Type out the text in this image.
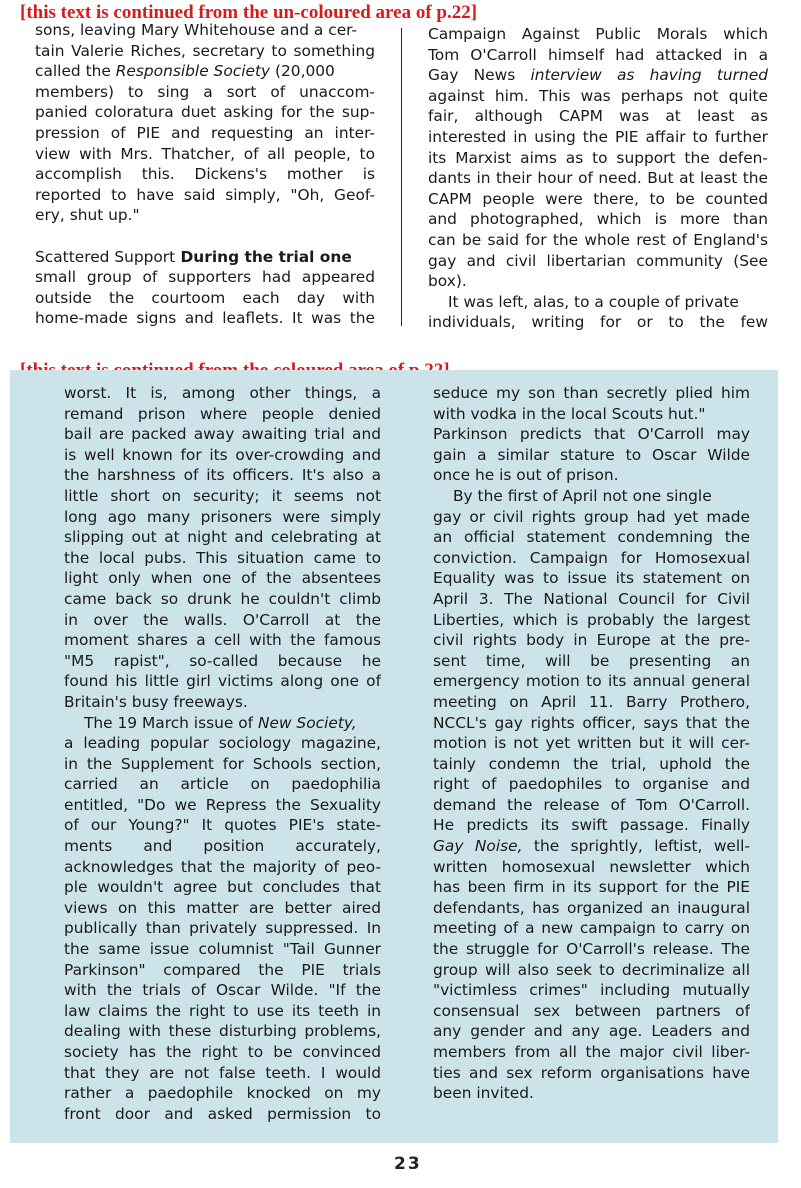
[this text is continued from the un-coloured area of p.22]
sons, leaving Mary Whitehouse and a cer-
tain Valerie Riches, secretary to something
called the Responsible Society (20,000
members) to sing a sort of unaccom-
panied coloratura duet asking for the sup-
pression of PIE and requesting an inter-
view with Mrs. Thatcher, of all people, to
accomplish this. Dickens's mother is
reported to have said simply, "Oh, Geof-
ery, shut up."
Scattered Support During the trial one
small group of supporters had appeared
outside the courtoom each day with
home-made signs and leaflets. It was the
Campaign Against Public Morals which
Tom O'Carroll himself had attacked in a
Gay News interview as having turned
against him. This was perhaps not quite
fair, although CAPM was at least as
interested in using the PIE affair to further
its Marxist aims as to support the defen-
dants in their hour of need. But at least the
CAPM people were there, to be counted
and photographed, which is more than
can be said for the whole rest of England's
gay and civil libertarian community (See
box).
It was left, alas, to a couple of private
individuals, writing for or to the few
worst. It is, among other things, a
remand prison where people denied
bail are packed away awaiting trial and
is well known for its over-crowding and
the harshness of its officers. It's also a
little short on security; it seems not
long ago many prisoners were simply
slipping out at night and celebrating at
the local pubs. This situation came to
light only when one of the absentees
came back so drunk he couldn't climb
in over the walls. O'Carroll at the
moment shares a cell with the famous
"M5 rapist", so-called because he
found his little girl victims along one of
Britain's busy freeways.
The 19 March issue of New Society,
a leading popular sociology magazine,
in the Supplement for Schools section,
carried an article on paedophilia
entitled, "Do we Repress the Sexuality
of our Young?" It quotes PIE's state-
ments and position accurately,
acknowledges that the majority of peo-
ple wouldn't agree but concludes that
views on this matter are better aired
publically than privately suppressed. In
the same issue columnist "Tail Gunner
Parkinson" compared the PIE trials
with the trials of Oscar Wilde. "If the
law claims the right to use its teeth in
dealing with these disturbing problems,
society has the right to be convinced
that they are not false teeth. I would
rather a paedophile knocked on my
front door and asked permission to
seduce my son than secretly plied him
with vodka in the local Scouts hut."
Parkinson predicts that O'Carroll may
gain a similar stature to Oscar Wilde
once he is out of prison.
By the first of April not one single
gay or civil rights group had yet made
an official statement condemning the
conviction. Campaign for Homosexual
Equality was to issue its statement on
April 3. The National Council for Civil
Liberties, which is probably the largest
civil rights body in Europe at the pre-
sent time, will be presenting an
emergency motion to its annual general
meeting on April 11. Barry Prothero,
NCCL's gay rights officer, says that the
motion is not yet written but it will cer-
tainly condemn the trial, uphold the
right of paedophiles to organise and
demand the release of Tom O'Carroll.
He predicts its swift passage. Finally
Gay Noise, the sprightly, leftist, well-
written homosexual newsletter which
has been firm in its support for the PIE
defendants, has organized an inaugural
meeting of a new campaign to carry on
the struggle for O'Carroll's release. The
group will also seek to decriminalize all
"victimless crimes" including mutually
consensual sex between partners of
any gender and any age. Leaders and
members from all the major civil liber-
ties and sex reform organisations have
been invited.
23
